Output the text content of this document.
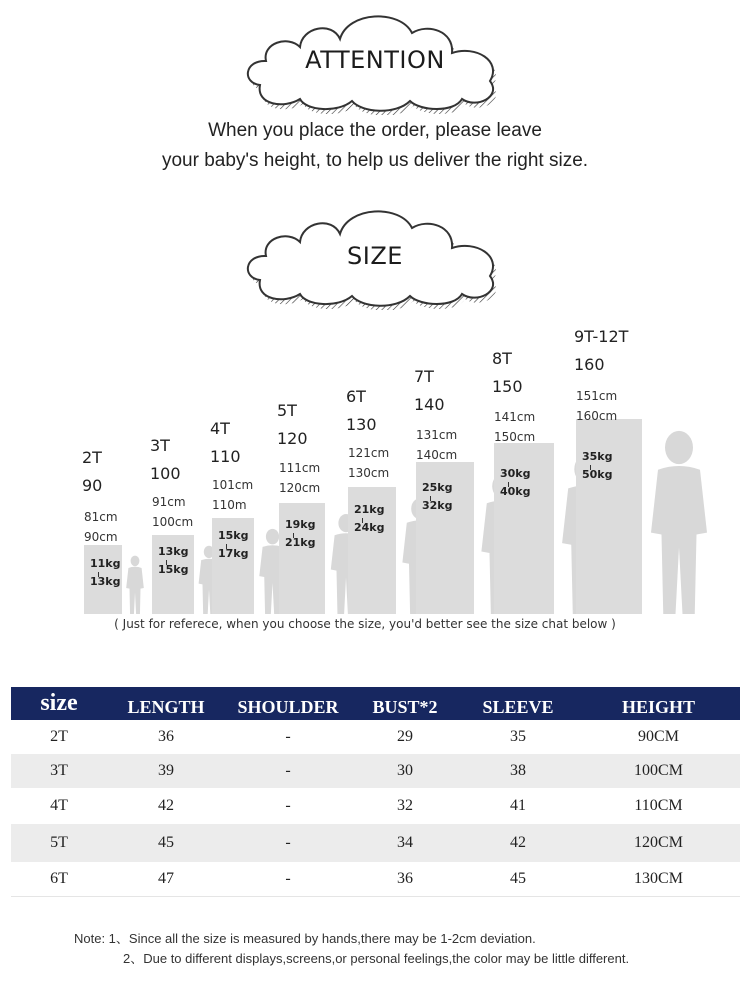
ATTENTION
When you place the order, please leave
your baby's height, to help us deliver the right size.
SIZE
2T
90
81cm
90cm
11kg
13kg
3T
100
91cm
100cm
13kg
15kg
4T
110
101cm
110m
15kg
17kg
5T
120
111cm
120cm
19kg
21kg
6T
130
121cm
130cm
21kg
24kg
7T
140
131cm
140cm
25kg
32kg
8T
150
141cm
150cm
30kg
40kg
9T-12T
160
151cm
160cm
35kg
50kg
( Just for referece, when you choose the size, you'd better see the size chat below )
size	LENGTH	SHOULDER	BUST*2	SLEEVE	HEIGHT
2T	36	-	29	35	90CM
3T	39	-	30	38	100CM
4T	42	-	32	41	110CM
5T	45	-	34	42	120CM
6T	47	-	36	45	130CM
Note: 1、Since all the size is measured by hands,there may be 1-2cm deviation.
2、Due to different displays,screens,or personal feelings,the color may be little different.
